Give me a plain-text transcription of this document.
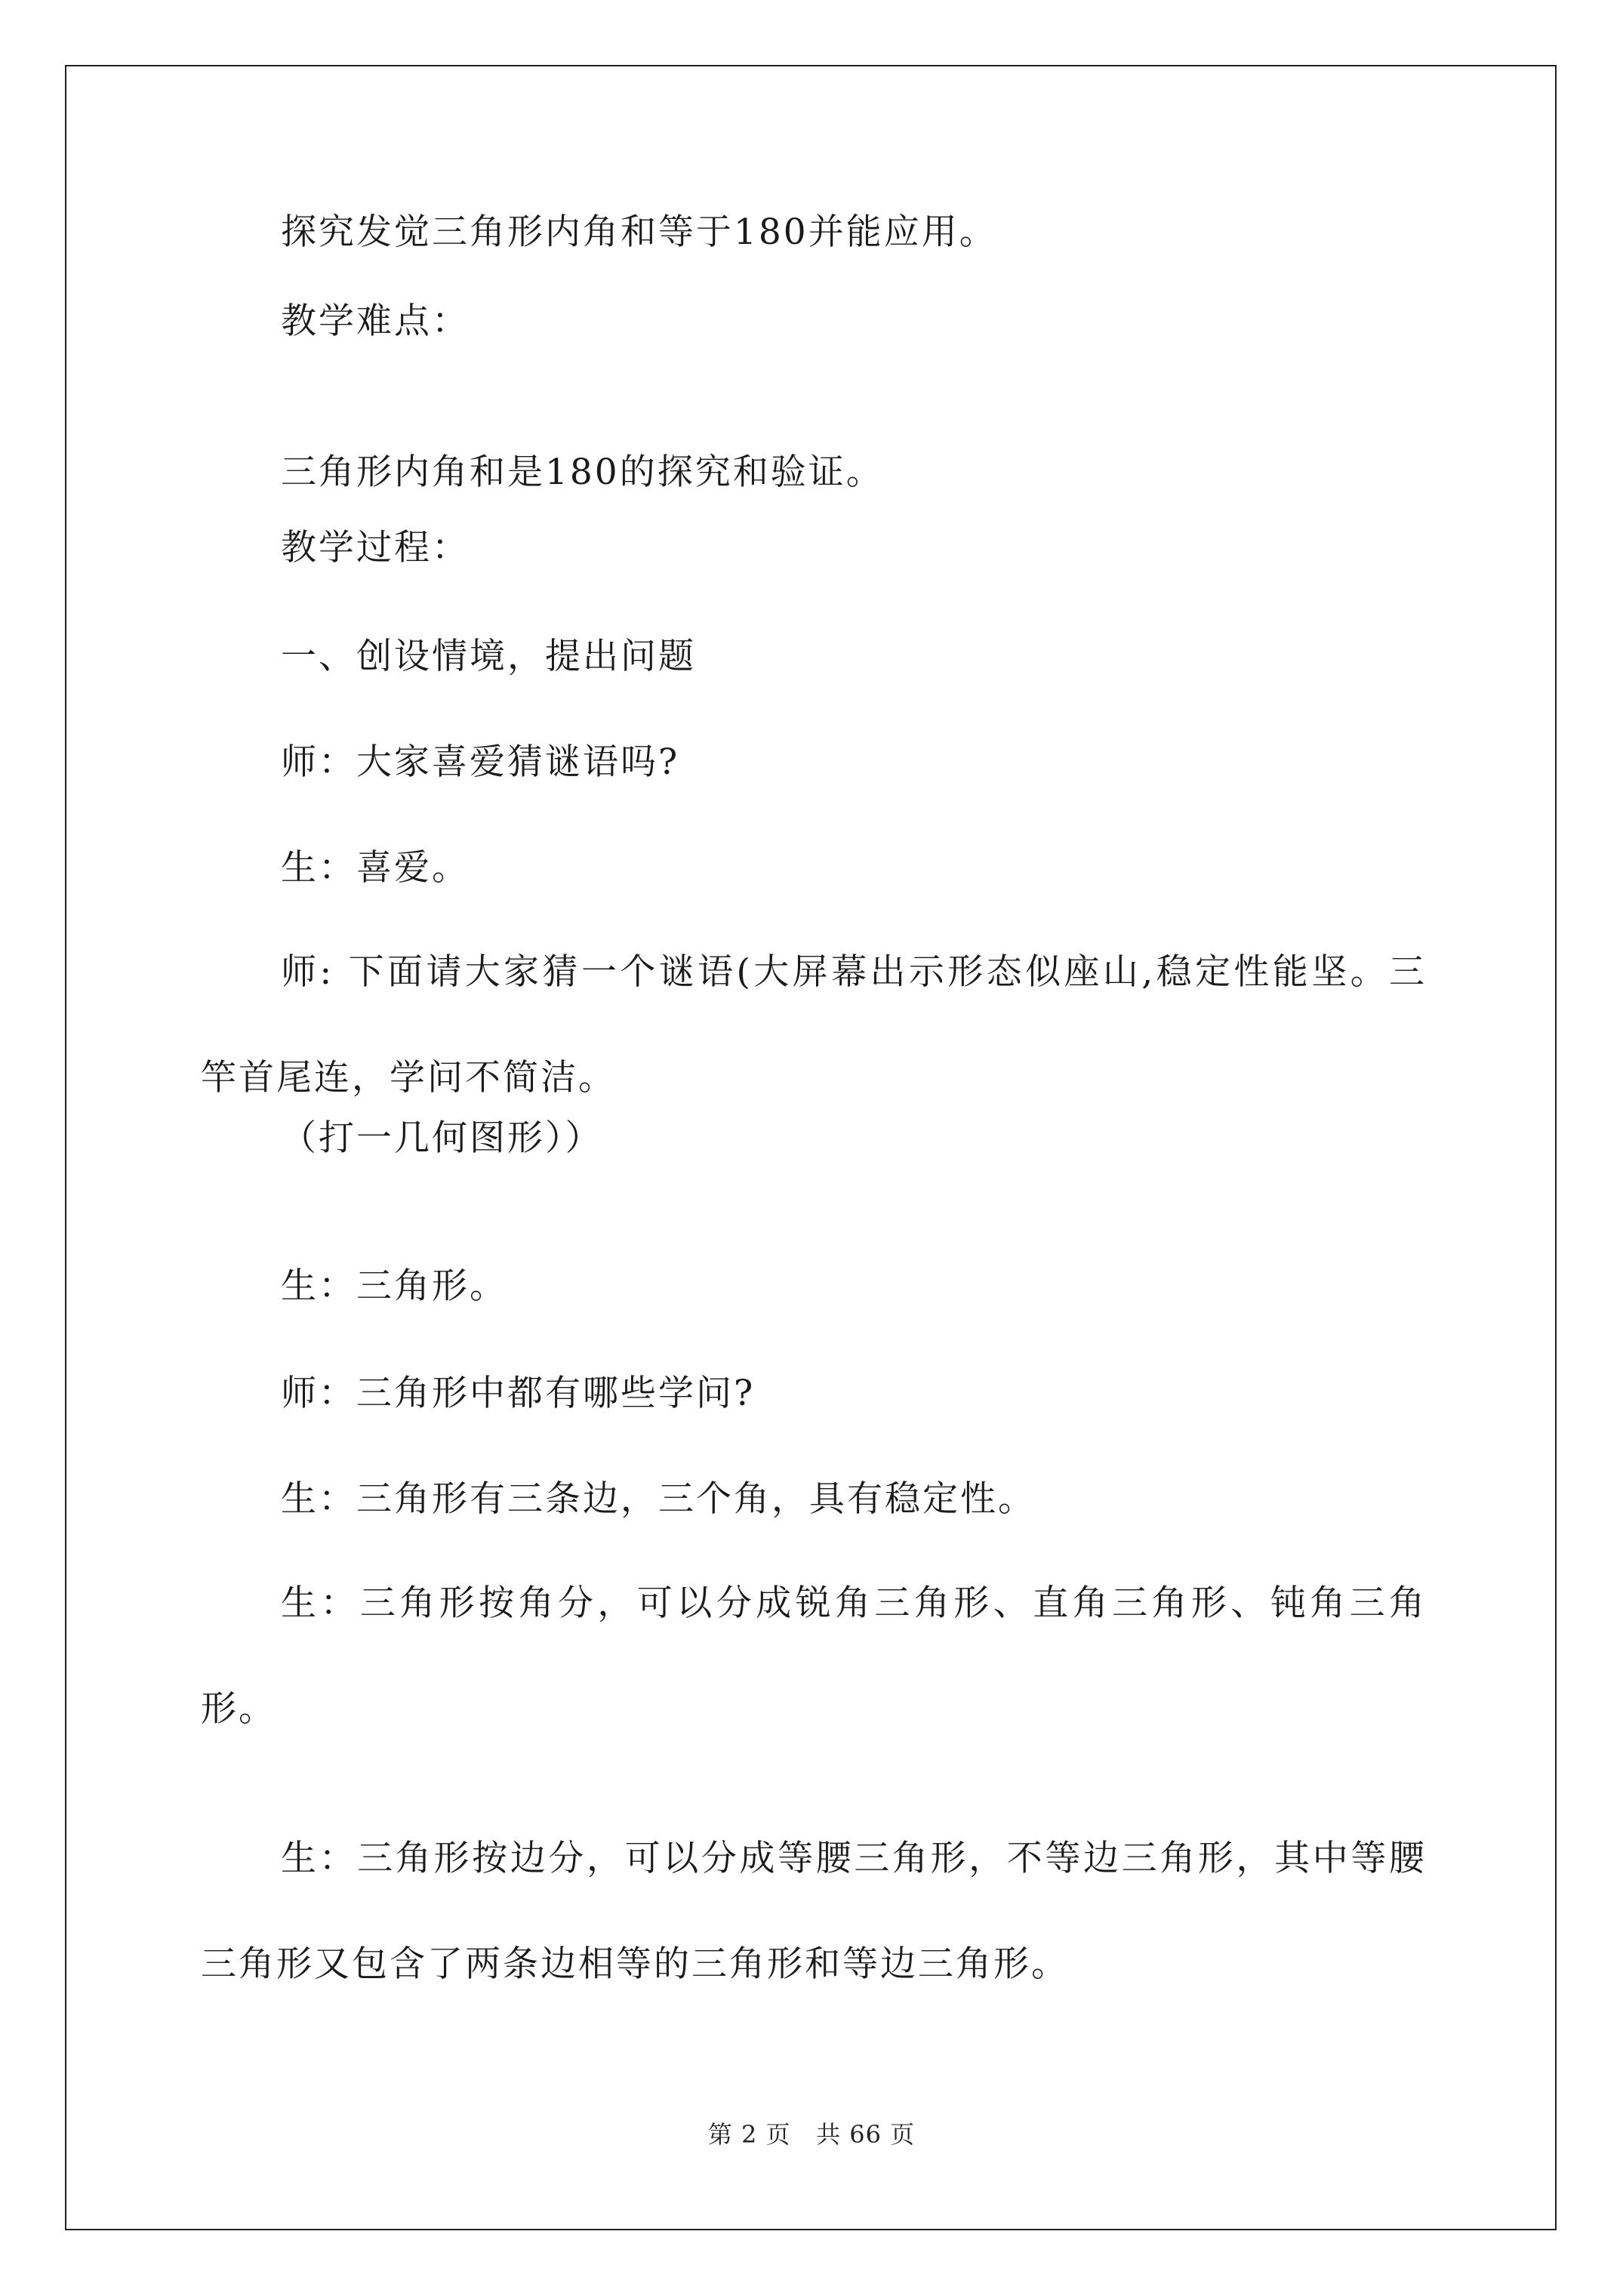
探究发觉三角形内角和等于180并能应用。
教学难点：
三角形内角和是180的探究和验证。
教学过程：
一、创设情境，提出问题
师：大家喜爱猜谜语吗?
生：喜爱。
师: 下面请大家猜一个谜语(大屏幕出示形态似座山,稳定性能坚。三竿首尾连，学问不简洁。
（打一几何图形））
生：三角形。
师：三角形中都有哪些学问?
生：三角形有三条边，三个角，具有稳定性。
生：三角形按角分，可以分成锐角三角形、直角三角形、钝角三角形。
生：三角形按边分，可以分成等腰三角形，不等边三角形，其中等腰三角形又包含了两条边相等的三角形和等边三角形。
第 2 页 共 66 页
